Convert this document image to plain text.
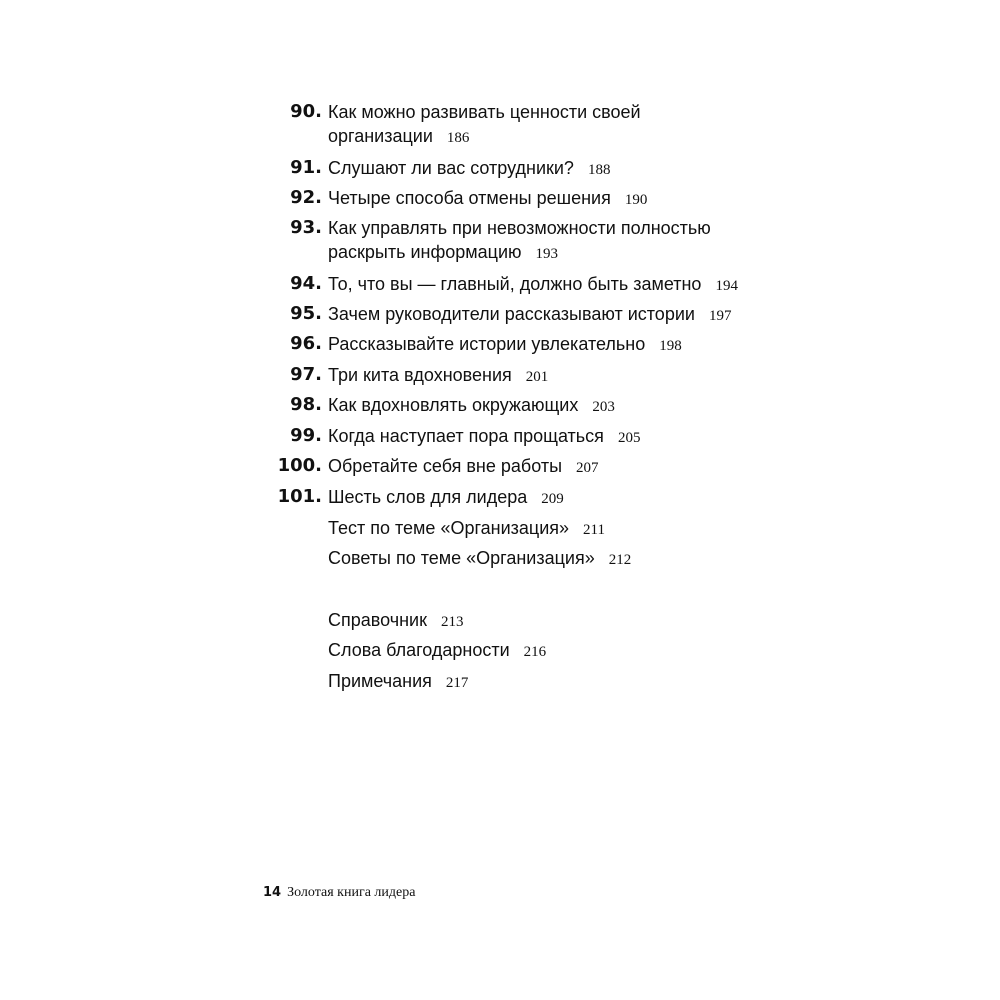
90. Как можно развивать ценности своей
организации 186
91. Слушают ли вас сотрудники? 188
92. Четыре способа отмены решения 190
93. Как управлять при невозможности полностью
раскрыть информацию 193
94. То, что вы — главный, должно быть заметно 194
95. Зачем руководители рассказывают истории 197
96. Рассказывайте истории увлекательно 198
97. Три кита вдохновения 201
98. Как вдохновлять окружающих 203
99. Когда наступает пора прощаться 205
100. Обретайте себя вне работы 207
101. Шесть слов для лидера 209
Тест по теме «Организация» 211
Советы по теме «Организация» 212
Справочник 213
Слова благодарности 216
Примечания 217
14 Золотая книга лидера
